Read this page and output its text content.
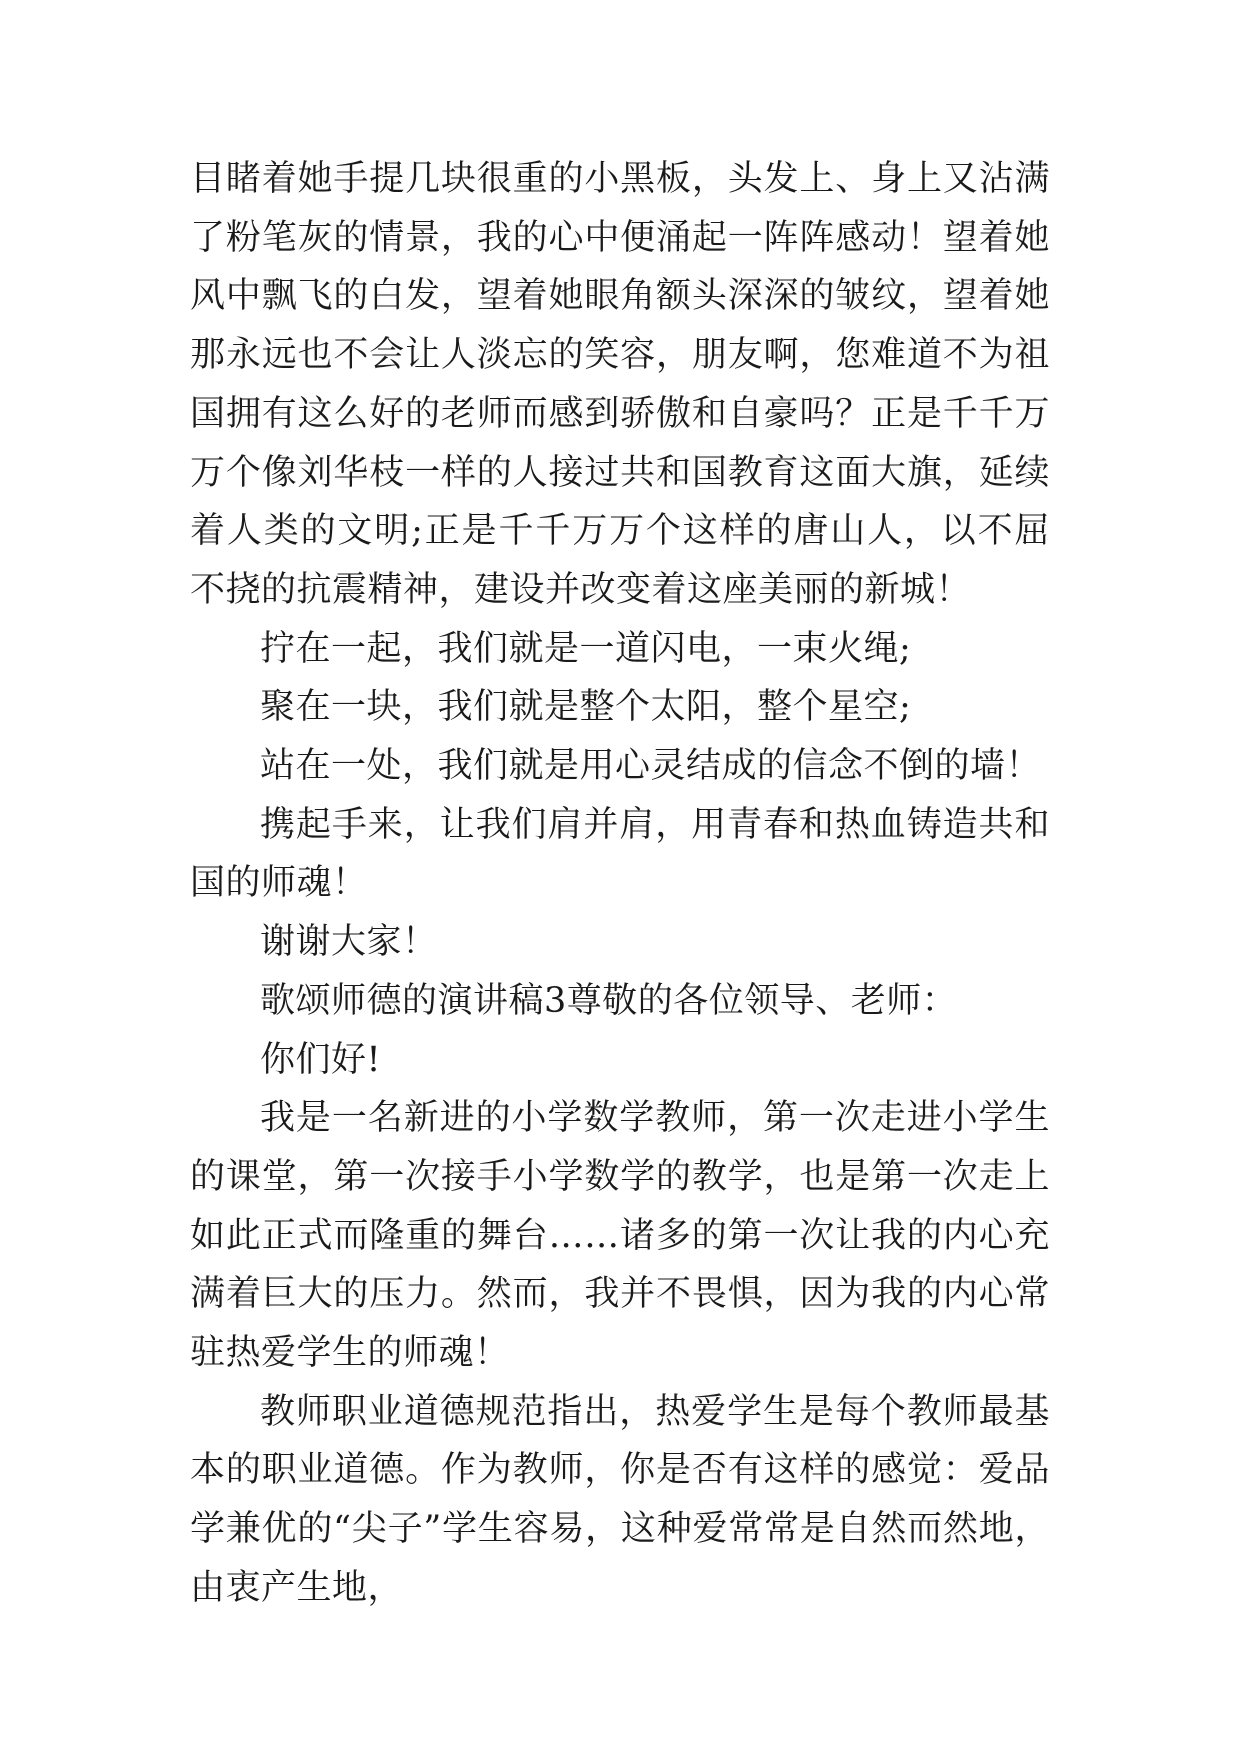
目睹着她手提几块很重的小黑板，头发上、身上又沾满了粉笔灰的情景，我的心中便涌起一阵阵感动！望着她风中飘飞的白发，望着她眼角额头深深的皱纹，望着她那永远也不会让人淡忘的笑容，朋友啊，您难道不为祖国拥有这么好的老师而感到骄傲和自豪吗？正是千千万万个像刘华枝一样的人接过共和国教育这面大旗，延续着人类的文明;正是千千万万个这样的唐山人，以不屈不挠的抗震精神，建设并改变着这座美丽的新城！

拧在一起，我们就是一道闪电，一束火绳;

聚在一块，我们就是整个太阳，整个星空;

站在一处，我们就是用心灵结成的信念不倒的墙！

携起手来，让我们肩并肩，用青春和热血铸造共和国的师魂！

谢谢大家！

歌颂师德的演讲稿3尊敬的各位领导、老师：

你们好!

我是一名新进的小学数学教师，第一次走进小学生的课堂，第一次接手小学数学的教学，也是第一次走上如此正式而隆重的舞台……诸多的第一次让我的内心充满着巨大的压力。然而，我并不畏惧，因为我的内心常驻热爱学生的师魂！

教师职业道德规范指出，热爱学生是每个教师最基本的职业道德。作为教师，你是否有这样的感觉：爱品学兼优的“尖子”学生容易，这种爱常常是自然而然地，由衷产生地，
